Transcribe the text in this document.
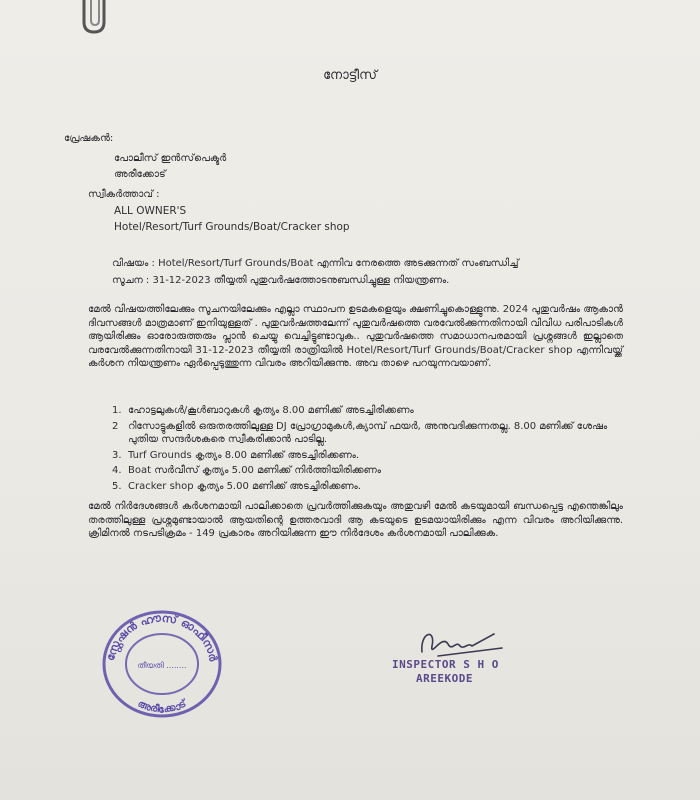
നോട്ടീസ്
പ്രേഷകൻ:
പോലീസ് ഇൻസ്‌പെക്ടർ
അരീക്കോട്
സ്വീകർത്താവ് :
ALL OWNER'S
Hotel/Resort/Turf Grounds/Boat/Cracker shop
വിഷയം : Hotel/Resort/Turf Grounds/Boat എന്നിവ നേരത്തെ അടക്കുന്നത് സംബന്ധിച്ച്
സൂചന : 31-12-2023 തീയ്യതി പുതുവർഷത്തോടനുബന്ധിച്ചുള്ള നിയന്ത്രണം.
മേൽ വിഷയത്തിലേക്കും സൂചനയിലേക്കും എല്ലാ സ്ഥാപന ഉടമകളെയും ക്ഷണിച്ചുകൊള്ളുന്നു. 2024 പുതുവർഷം ആകാൻ ദിവസങ്ങൾ മാത്രമാണ് ഇനിയുള്ളത് . പുതുവർഷത്തലേന്ന് പുതുവർഷത്തെ വരവേൽക്കുന്നതിനായി വിവിധ പരിപാടികൾ ആയിരിക്കും ഓരോരുത്തരും പ്ലാൻ ചെയ്യു വെച്ചിട്ടുണ്ടാവുക.. പുതുവർഷത്തെ സമാധാനപരമായി പ്രശ്നങ്ങൾ ഇല്ലാതെ വരവേൽക്കുന്നതിനായി 31-12-2023 തീയ്യതി രാത്രിയിൽ Hotel/Resort/Turf Grounds/Boat/Cracker shop എന്നിവയ്ക്ക് കർശന നിയന്ത്രണം ഏർപ്പെടുത്തുന്ന വിവരം അറിയിക്കുന്നു. അവ താഴെ പറയുന്നവയാണ്.
1. ഹോട്ടലുകൾ/കൂൾബാറുകൾ കൃത്യം 8.00 മണിക്ക് അടച്ചിരിക്കണം
2 റിസോട്ടുകളിൽ ഒരുതരത്തിലുള്ള DJ പ്രോഗ്രാമുകൾ,ക്യാമ്പ് ഫയർ, അനുവദിക്കുന്നതല്ല. 8.00 മണിക്ക് ശേഷം പുതിയ സന്ദർശകരെ സ്വീകരിക്കാൻ പാടില്ല.
3. Turf Grounds കൃത്യം 8.00 മണിക്ക് അടച്ചിരിക്കണം.
4. Boat സർവീസ് കൃത്യം 5.00 മണിക്ക് നിർത്തിയിരിക്കണം
5. Cracker shop കൃത്യം 5.00 മണിക്ക് അടച്ചിരിക്കണം.
മേൽ നിർദേശങ്ങൾ കർശനമായി പാലിക്കാതെ പ്രവർത്തിക്കുകയും അതുവഴി മേൽ കടയുമായി ബന്ധപ്പെട്ട എന്തെങ്കിലും തരത്തിലുള്ള പ്രശ്നമുണ്ടായാൽ ആയതിന്റെ ഉത്തരവാദി ആ കടയുടെ ഉടമയായിരിക്കും എന്ന വിവരം അറിയിക്കുന്നു. ക്രിമിനൽ നടപടിക്രമം - 149 പ്രകാരം അറിയിക്കുന്ന ഈ നിർദേശം കർശനമായി പാലിക്കുക.
സ്റ്റേഷൻ ഹൗസ് ഓഫീസർ
തീയതി ........
അരീക്കോട്
INSPECTOR S H O
AREEKODE
